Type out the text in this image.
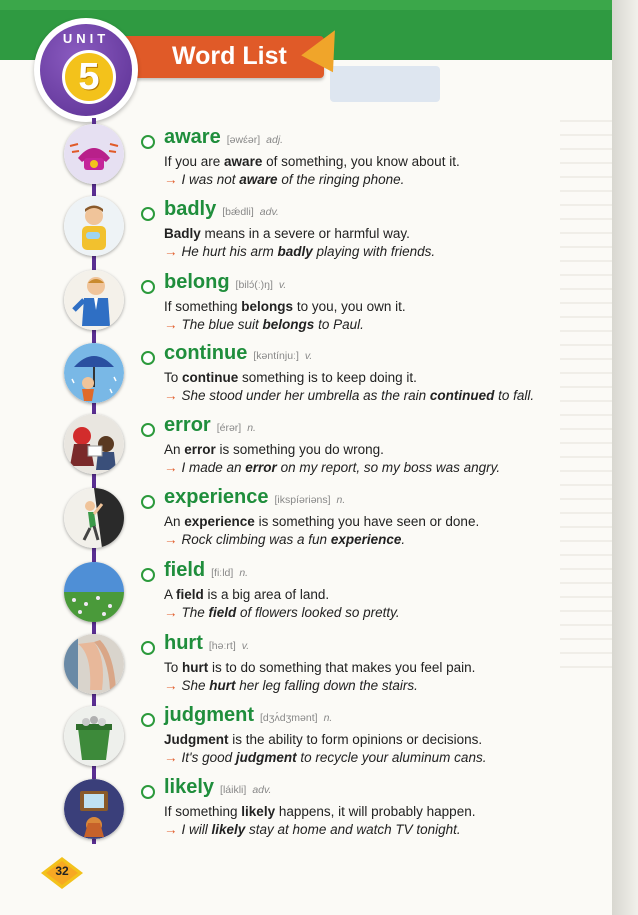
Word List
UNIT
5
aware [əwɛ́ər] adj.
If you are aware of something, you know about it.
→ I was not aware of the ringing phone.
badly [bǽdli] adv.
Badly means in a severe or harmful way.
→ He hurt his arm badly playing with friends.
belong [bilɔ́(ː)ŋ] v.
If something belongs to you, you own it.
→ The blue suit belongs to Paul.
continue [kəntínjuː] v.
To continue something is to keep doing it.
→ She stood under her umbrella as the rain continued to fall.
error [érər] n.
An error is something you do wrong.
→ I made an error on my report, so my boss was angry.
experience [ikspíəriəns] n.
An experience is something you have seen or done.
→ Rock climbing was a fun experience.
field [fiːld] n.
A field is a big area of land.
→ The field of flowers looked so pretty.
hurt [həːrt] v.
To hurt is to do something that makes you feel pain.
→ She hurt her leg falling down the stairs.
judgment [dʒʌ́dʒmənt] n.
Judgment is the ability to form opinions or decisions.
→ It's good judgment to recycle your aluminum cans.
likely [láikli] adv.
If something likely happens, it will probably happen.
→ I will likely stay at home and watch TV tonight.
32
